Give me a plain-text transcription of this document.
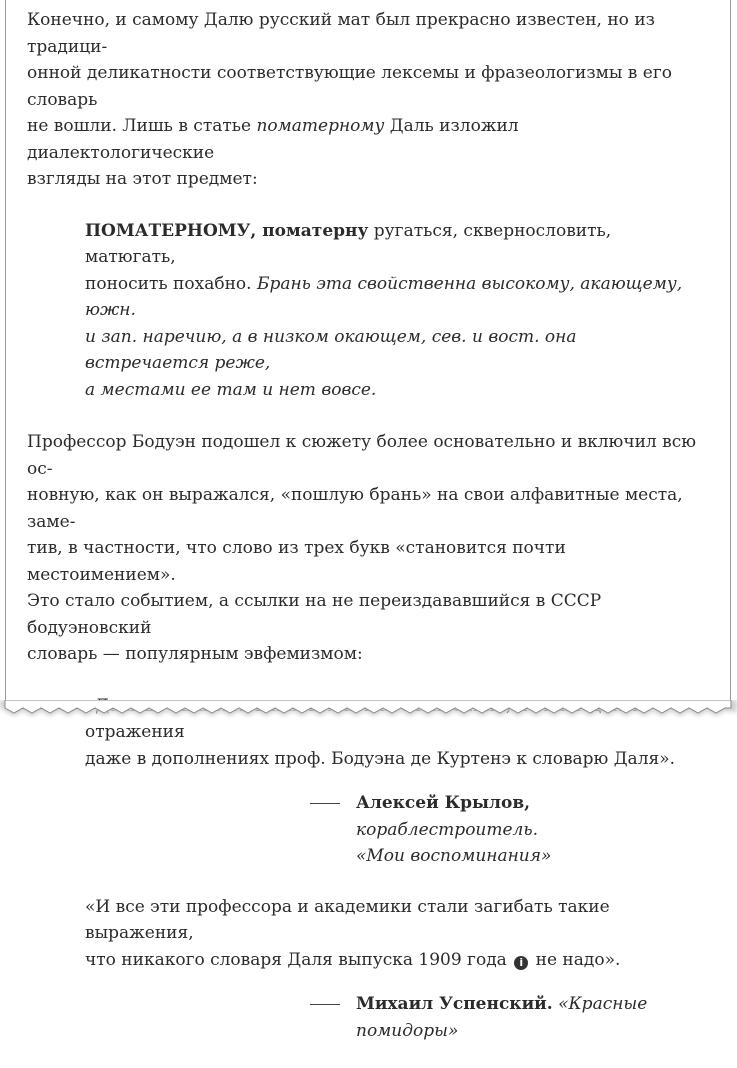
Конечно, и самому Далю русский мат был прекрасно известен, но из традици-
онной деликатности соответствующие лексемы и фразеологизмы в его словарь
не вошли. Лишь в статье поматерному Даль изложил диалектологические
взгляды на этот предмет:

ПОМАТЕРНОМУ, поматерну ругаться, сквернословить, матюгать,
поносить похабно. Брань эта свойственна высокому, акающему, южн.
и зап. наречию, а в низком окающем, сев. и вост. она встречается реже,
а местами ее там и нет вовсе.

Профессор Бодуэн подошел к сюжету более основательно и включил всю ос-
новную, как он выражался, «пошлую брань» на свои алфавитные места, заме-
тив, в частности, что слово из трех букв «становится почти местоимением».
Это стало событием, а ссылки на не переиздававшийся в СССР бодуэновский
словарь — популярным эвфемизмом:

отражения
даже в дополнениях проф. Бодуэна де Куртенэ к словарю Даля».

Алексей Крылов, кораблестроитель.
«Мои воспоминания»

«И все эти профессора и академики стали загибать такие выражения,
что никакого словаря Даля выпуска 1909 года i не надо».

Михаил Успенский. «Красные
помидоры»
